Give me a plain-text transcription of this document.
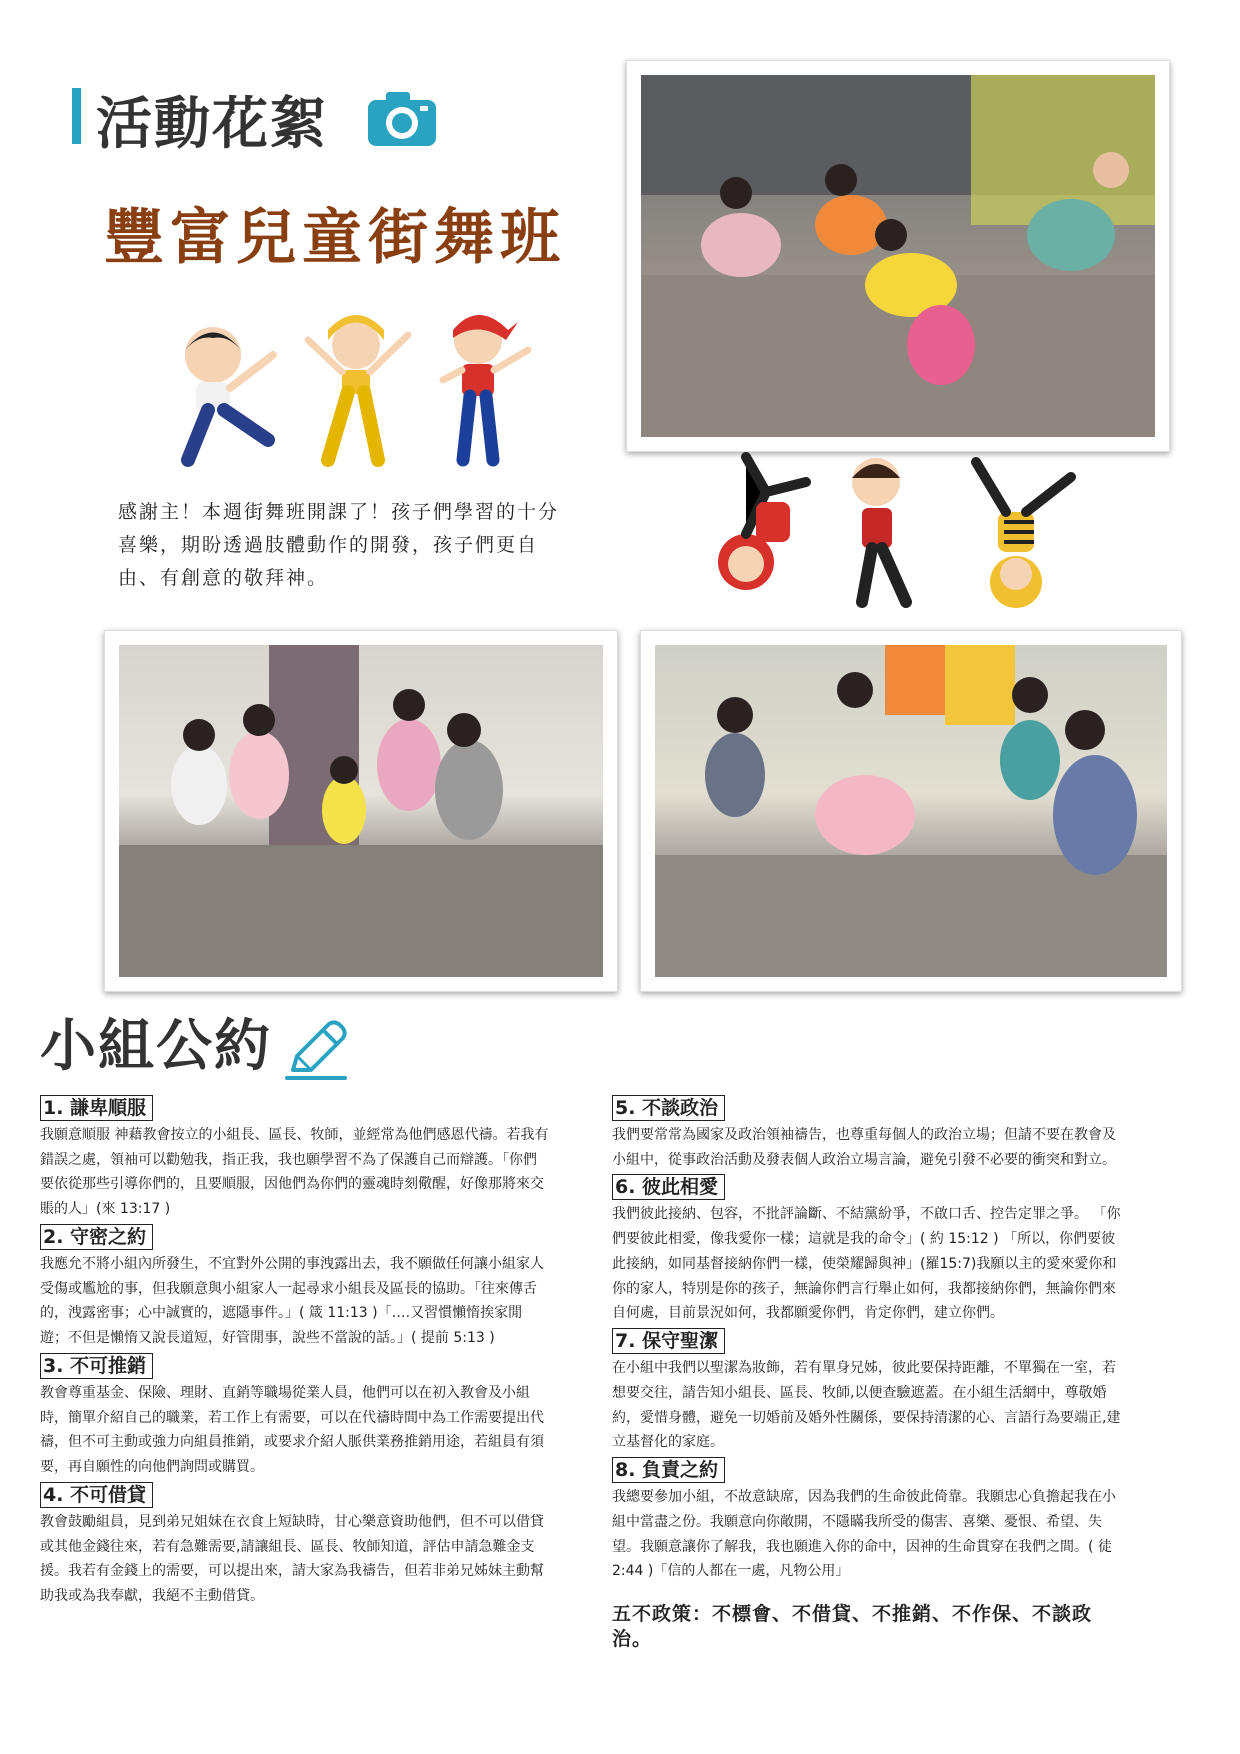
活動花絮
豐富兒童街舞班
感謝主！本週街舞班開課了！孩子們學習的十分喜樂，期盼透過肢體動作的開發，孩子們更自由、有創意的敬拜神。
小組公約
1. 謙卑順服
我願意順服 神藉教會按立的小組長、區長、牧師，並經常為他們感恩代禱。若我有錯誤之處，領袖可以勸勉我，指正我，我也願學習不為了保護自己而辯護。「你們要依從那些引導你們的，且要順服，因他們為你們的靈魂時刻儆醒，好像那將來交賬的人」(來 13:17 )
2. 守密之約
我應允不將小組內所發生，不宜對外公開的事洩露出去，我不願做任何讓小組家人受傷或尷尬的事，但我願意與小組家人一起尋求小組長及區長的協助。「往來傳舌的，洩露密事；心中誠實的，遮隱事件。」( 箴 11:13 )「….又習慣懶惰挨家閒遊；不但是懶惰又說長道短，好管閒事，說些不當說的話。」( 提前 5:13 )
3. 不可推銷
教會尊重基金、保險、理財、直銷等職場從業人員，他們可以在初入教會及小組時，簡單介紹自己的職業，若工作上有需要，可以在代禱時間中為工作需要提出代禱，但不可主動或強力向組員推銷，或要求介紹人脈供業務推銷用途，若組員有須要，再自願性的向他們詢問或購買。
4. 不可借貸
教會鼓勵組員，見到弟兄姐妹在衣食上短缺時，甘心樂意資助他們，但不可以借貸或其他金錢往來，若有急難需要,請讓組長、區長、牧師知道，評估申請急難金支援。我若有金錢上的需要，可以提出來，請大家為我禱告，但若非弟兄姊妹主動幫助我或為我奉獻，我絕不主動借貸。
5. 不談政治
我們要常常為國家及政治領袖禱告，也尊重每個人的政治立場；但請不要在教會及小組中，從事政治活動及發表個人政治立場言論，避免引發不必要的衝突和對立。
6. 彼此相愛
我們彼此接納、包容，不批評論斷、不結黨紛爭，不啟口舌、控告定罪之爭。 「你們要彼此相愛，像我愛你一樣；這就是我的命令」( 約 15:12 ) 「所以，你們要彼此接納，如同基督接納你們一樣，使榮耀歸與神」(羅15:7)我願以主的愛來愛你和你的家人，特別是你的孩子，無論你們言行舉止如何，我都接納你們，無論你們來自何處，目前景況如何，我都願愛你們，肯定你們，建立你們。
7. 保守聖潔
在小組中我們以聖潔為妝飾，若有單身兄姊，彼此要保持距離，不單獨在一室，若想要交往，請告知小組長、區長、牧師,以便查驗遮蓋。在小組生活網中，尊敬婚約，愛惜身體，避免一切婚前及婚外性關係，要保持清潔的心、言語行為要端正,建立基督化的家庭。
8. 負責之約
我總要參加小組，不故意缺席，因為我們的生命彼此倚靠。我願忠心負擔起我在小組中當盡之份。我願意向你敞開，不隱瞞我所受的傷害、喜樂、憂恨、希望、失望。我願意讓你了解我，我也願進入你的命中，因神的生命貫穿在我們之間。( 徒 2:44 )「信的人都在一處，凡物公用」
五不政策：不標會、不借貸、不推銷、不作保、不談政治。
